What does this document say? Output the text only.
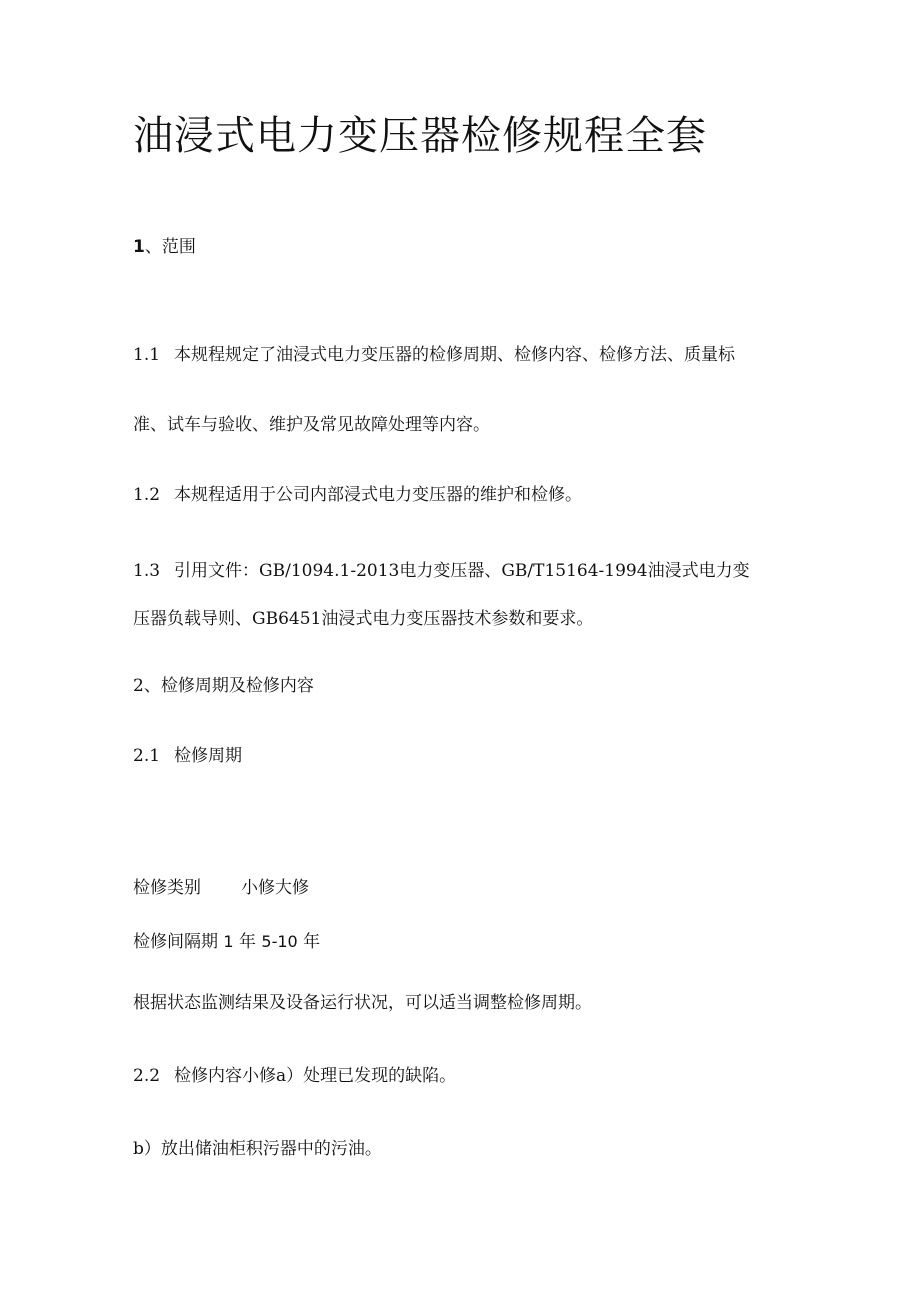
油浸式电力变压器检修规程全套

1、范围

1.1 本规程规定了油浸式电力变压器的检修周期、检修内容、检修方法、质量标

准、试车与验收、维护及常见故障处理等内容。

1.2 本规程适用于公司内部浸式电力变压器的维护和检修。

1.3 引用文件：GB/1094.1-2013电力变压器、GB/T15164-1994油浸式电力变

压器负载导则、GB6451油浸式电力变压器技术参数和要求。

2、检修周期及检修内容

2.1 检修周期

检修类别 小修大修

检修间隔期 1 年 5-10 年

根据状态监测结果及设备运行状况，可以适当调整检修周期。

2.2 检修内容小修a）处理已发现的缺陷。

b）放出储油柜积污器中的污油。
